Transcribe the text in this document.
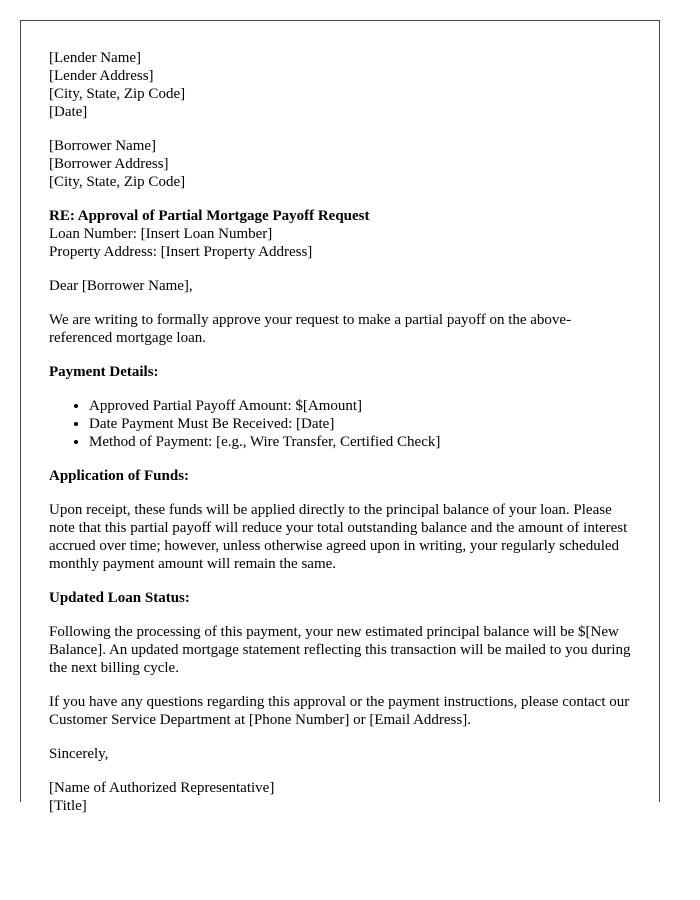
[Lender Name]
[Lender Address]
[City, State, Zip Code]
[Date]
[Borrower Name]
[Borrower Address]
[City, State, Zip Code]
RE: Approval of Partial Mortgage Payoff Request
Loan Number: [Insert Loan Number]
Property Address: [Insert Property Address]

Dear [Borrower Name],

We are writing to formally approve your request to make a partial payoff on the above-referenced mortgage loan.

Payment Details:
• Approved Partial Payoff Amount: $[Amount]
• Date Payment Must Be Received: [Date]
• Method of Payment: [e.g., Wire Transfer, Certified Check]
Application of Funds:

Upon receipt, these funds will be applied directly to the principal balance of your loan. Please note that this partial payoff will reduce your total outstanding balance and the amount of interest accrued over time; however, unless otherwise agreed upon in writing, your regularly scheduled monthly payment amount will remain the same.

Updated Loan Status:

Following the processing of this payment, your new estimated principal balance will be $[New Balance]. An updated mortgage statement reflecting this transaction will be mailed to you during the next billing cycle.

If you have any questions regarding this approval or the payment instructions, please contact our Customer Service Department at [Phone Number] or [Email Address].

Sincerely,

[Name of Authorized Representative]
[Title]
